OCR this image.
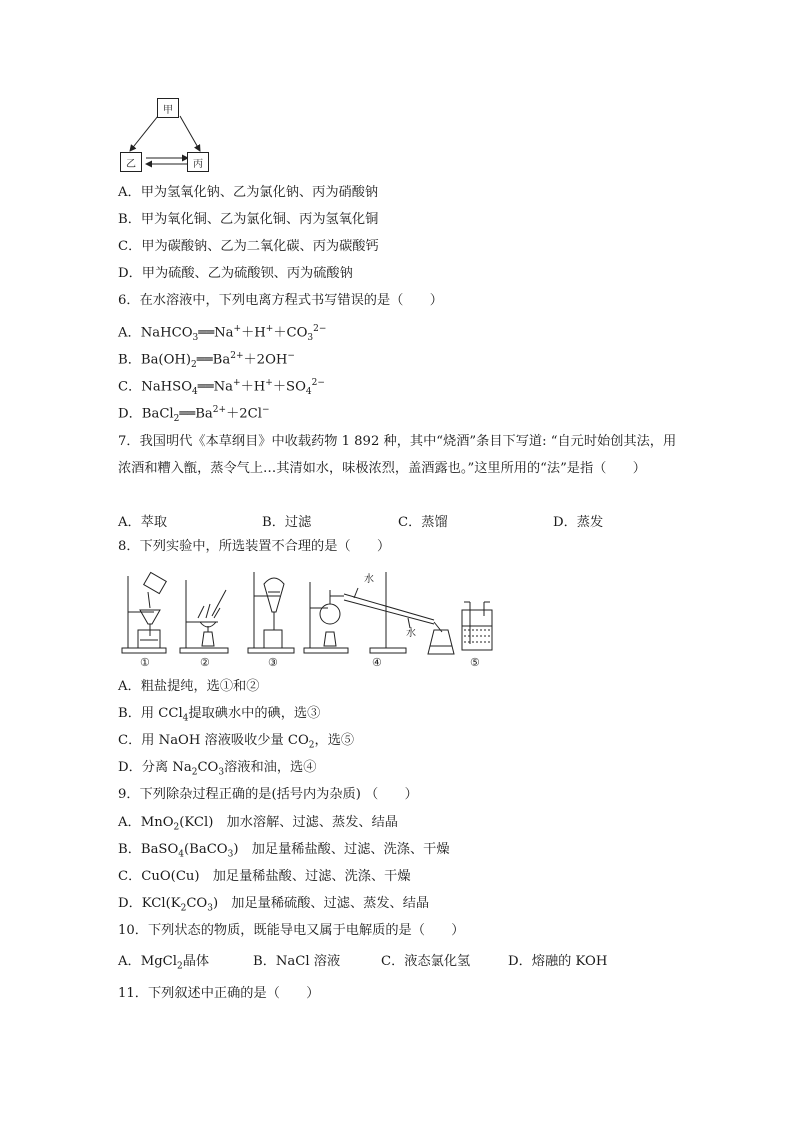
甲
乙	丙
A．甲为氢氧化钠、乙为氯化钠、丙为硝酸钠
B．甲为氧化铜、乙为氯化铜、丙为氢氧化铜
C．甲为碳酸钠、乙为二氧化碳、丙为碳酸钙
D．甲为硫酸、乙为硫酸钡、丙为硫酸钠
6．在水溶液中，下列电离方程式书写错误的是（　　）
A．$NaHCO_3══Na^++H^++CO_3^{2-}$
B．$Ba(OH)_2══Ba^{2+}+2OH^-$
C．$NaHSO_4══Na^++H^++SO_4^{2-}$
D．$BaCl_2══Ba^{2+}+2Cl^-$
7．我国明代《本草纲目》中收载药物 1 892 种，其中“烧酒”条目下写道: “自元时始创其法，用浓酒和糟入甑，蒸令气上…其清如水，味极浓烈，盖酒露也。”这里所用的“法”是指（　　）
A．萃取	B．过滤	C．蒸馏	D．蒸发
8．下列实验中，所选装置不合理的是（　　）
水
水
①	②	③	④	⑤
A．粗盐提纯，选①和②
B．用 CCl$_4$提取碘水中的碘，选③
C．用 NaOH 溶液吸收少量 $CO_2$，选⑤
D．分离 $Na_2CO_3$溶液和油，选④
9．下列除杂过程正确的是(括号内为杂质) （　　）
A．MnO$_2$(KCl)　加水溶解、过滤、蒸发、结晶
B．BaSO$_4$(BaCO$_3$)　加足量稀盐酸、过滤、洗涤、干燥
C．CuO(Cu)　加足量稀盐酸、过滤、洗涤、干燥
D．$KCl(K_2CO_3)$　加足量稀硫酸、过滤、蒸发、结晶
10．下列状态的物质，既能导电又属于电解质的是（　　）
A．MgCl$_2$晶体	B．NaCl 溶液	C．液态氯化氢	D．熔融的 KOH
11．下列叙述中正确的是（　　）
